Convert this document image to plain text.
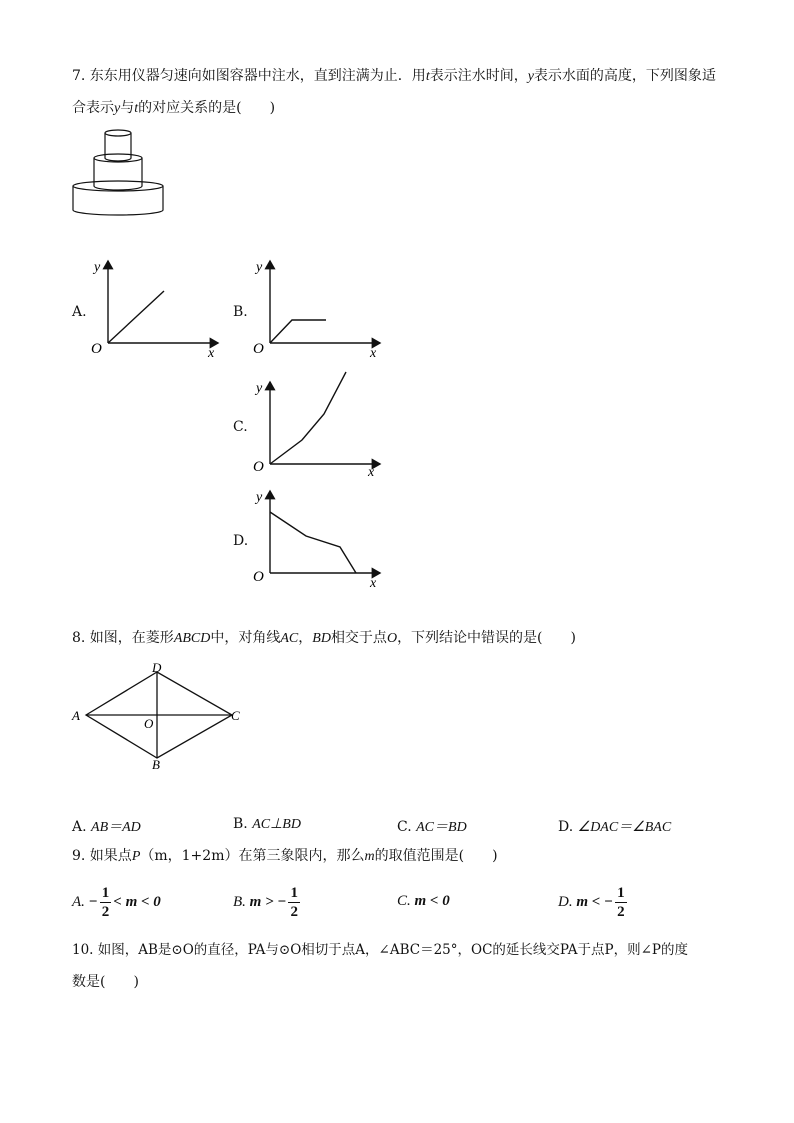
7. 东东用仪器匀速向如图容器中注水，直到注满为止．用t表示注水时间，y表示水面的高度，下列图象适
合表示y与t的对应关系的是(　　)
A.
y
x
O
B.
y
x
O
C.
y
x
O
D.
y
x
O
8. 如图，在菱形ABCD中，对角线AC，BD相交于点O，下列结论中错误的是(　　)
D
A	C
O
B
A. AB＝AD	B. AC⊥BD	C. AC＝BD	D. ∠DAC＝∠BAC
9. 如果点P（m，1+2m）在第三象限内，那么m的取值范围是(　　)
A. − $\frac{1}{2} < m < 0$	B. m > − $\frac{1}{2}$	C. m < 0	D. m < − $\frac{1}{2}$
10. 如图，AB是⊙O的直径，PA与⊙O相切于点A，∠ABC＝25°，OC的延长线交PA于点P，则∠P的度
数是(　　)
